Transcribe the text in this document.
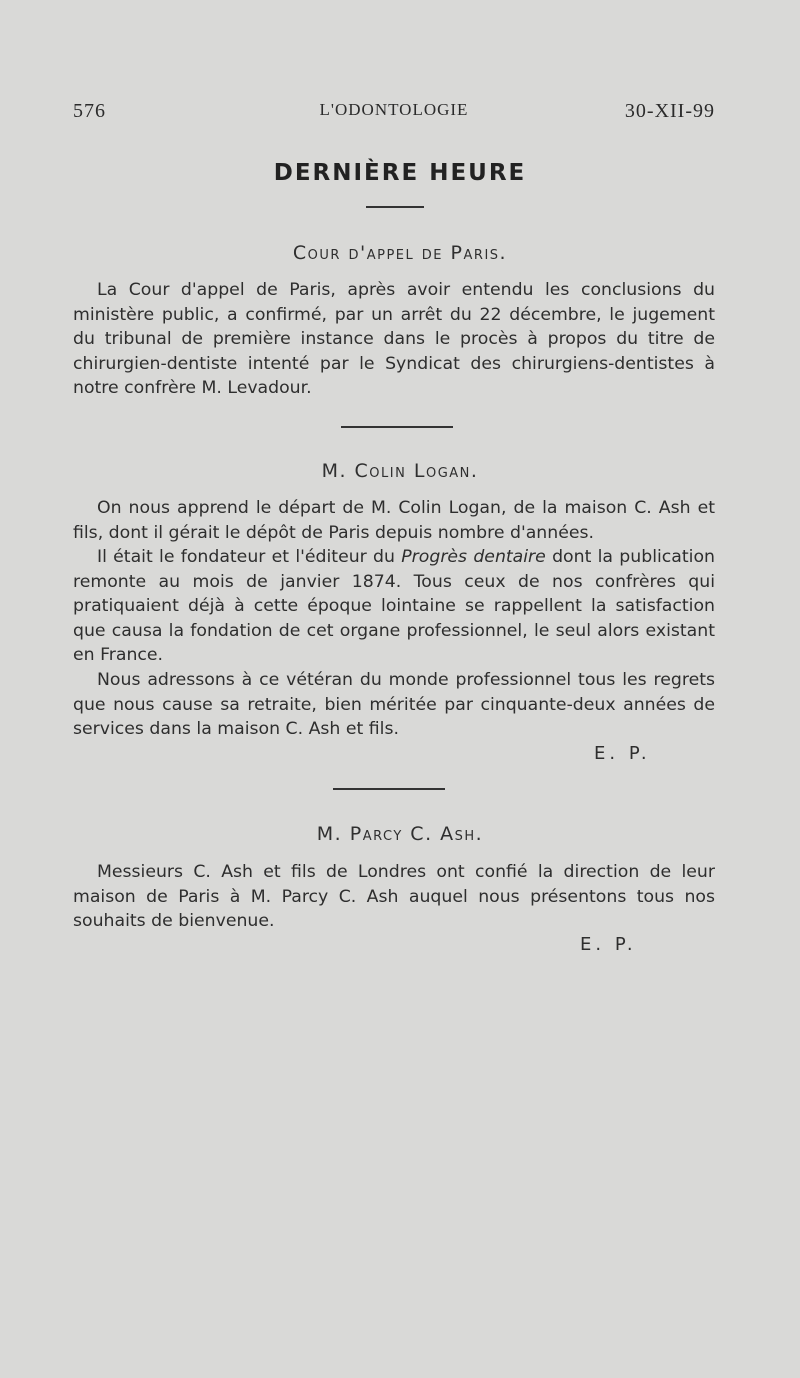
576	L'ODONTOLOGIE	30-XII-99
DERNIÈRE HEURE
Cour d'appel de Paris.

La Cour d'appel de Paris, après avoir entendu les conclusions du ministère public, a confirmé, par un arrêt du 22 décembre, le jugement du tribunal de première instance dans le procès à propos du titre de chirurgien-dentiste intenté par le Syndicat des chirurgiens-dentistes à notre confrère M. Levadour.

M. Colin Logan.

On nous apprend le départ de M. Colin Logan, de la maison C. Ash et fils, dont il gérait le dépôt de Paris depuis nombre d'années.

Il était le fondateur et l'éditeur du Progrès dentaire dont la publication remonte au mois de janvier 1874. Tous ceux de nos confrères qui pratiquaient déjà à cette époque lointaine se rappellent la satisfaction que causa la fondation de cet organe professionnel, le seul alors existant en France.

Nous adressons à ce vétéran du monde professionnel tous les regrets que nous cause sa retraite, bien méritée par cinquante-deux années de services dans la maison C. Ash et fils.

E. P.
M. Parcy C. Ash.

Messieurs C. Ash et fils de Londres ont confié la direction de leur maison de Paris à M. Parcy C. Ash auquel nous présentons tous nos souhaits de bienvenue.

E. P.
